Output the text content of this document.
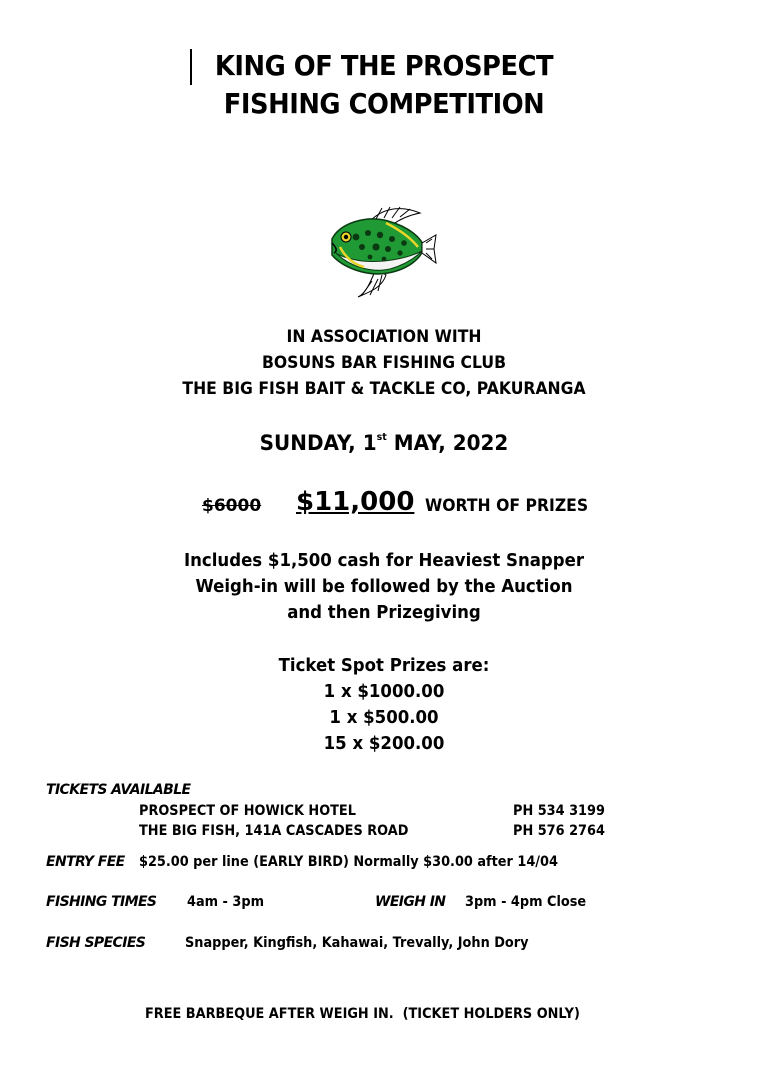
KING OF THE PROSPECT
FISHING COMPETITION
IN ASSOCIATION WITH
BOSUNS BAR FISHING CLUB
THE BIG FISH BAIT & TACKLE CO, PAKURANGA
SUNDAY, 1st MAY, 2022
$6000 $11,000 WORTH OF PRIZES
Includes $1,500 cash for Heaviest Snapper
Weigh-in will be followed by the Auction
and then Prizegiving
Ticket Spot Prizes are:
1 x $1000.00
1 x $500.00
15 x $200.00
TICKETS AVAILABLE
PROSPECT OF HOWICK HOTEL	PH 534 3199
THE BIG FISH, 141A CASCADES ROAD	PH 576 2764
ENTRY FEE $25.00 per line (EARLY BIRD) Normally $30.00 after 14/04
FISHING TIMES 4am - 3pm	WEIGH IN 3pm - 4pm Close
FISH SPECIES	Snapper, Kingfish, Kahawai, Trevally, John Dory
FREE BARBEQUE AFTER WEIGH IN.  (TICKET HOLDERS ONLY)
